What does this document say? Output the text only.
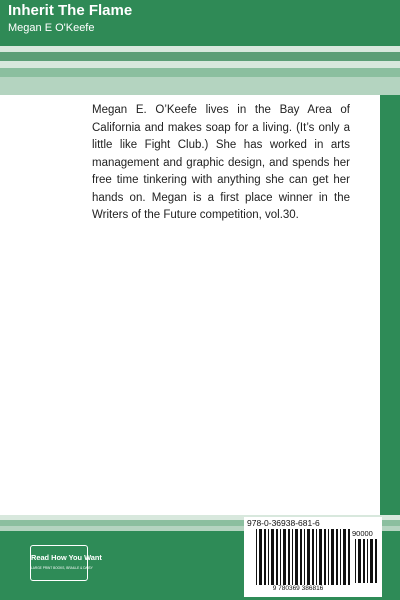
Inherit The Flame
Megan E O'Keefe

Megan E. O’Keefe lives in the Bay Area of California and makes soap for a living. (It’s only a little like Fight Club.) She has worked in arts management and graphic design, and spends her free time tinkering with anything she can get her hands on. Megan is a first place winner in the Writers of the Future competition, vol.30.

Read How You Want
LARGE PRINT BOOKS, BRAILLE & DAISY
978-0-36938-681-6
90000
9 780369 386816
